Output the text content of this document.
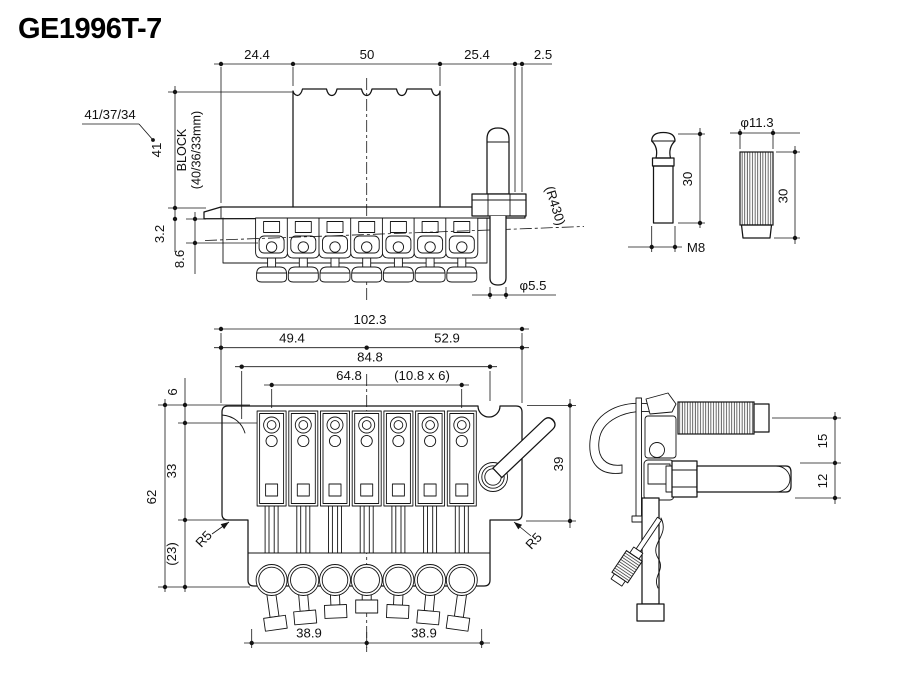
GE1996T-7
24.4	50	25.4	2.5
41 BLOCK (40/36/33mm)
3.2
8.6
41/37/34
(R430)
φ5.5
30
M8
φ11.3
30
102.3
49.4	52.9
84.8
64.8 (10.8 x 6)
6
33
62
(23)
39
R5	R5
38.9	38.9
15
12
